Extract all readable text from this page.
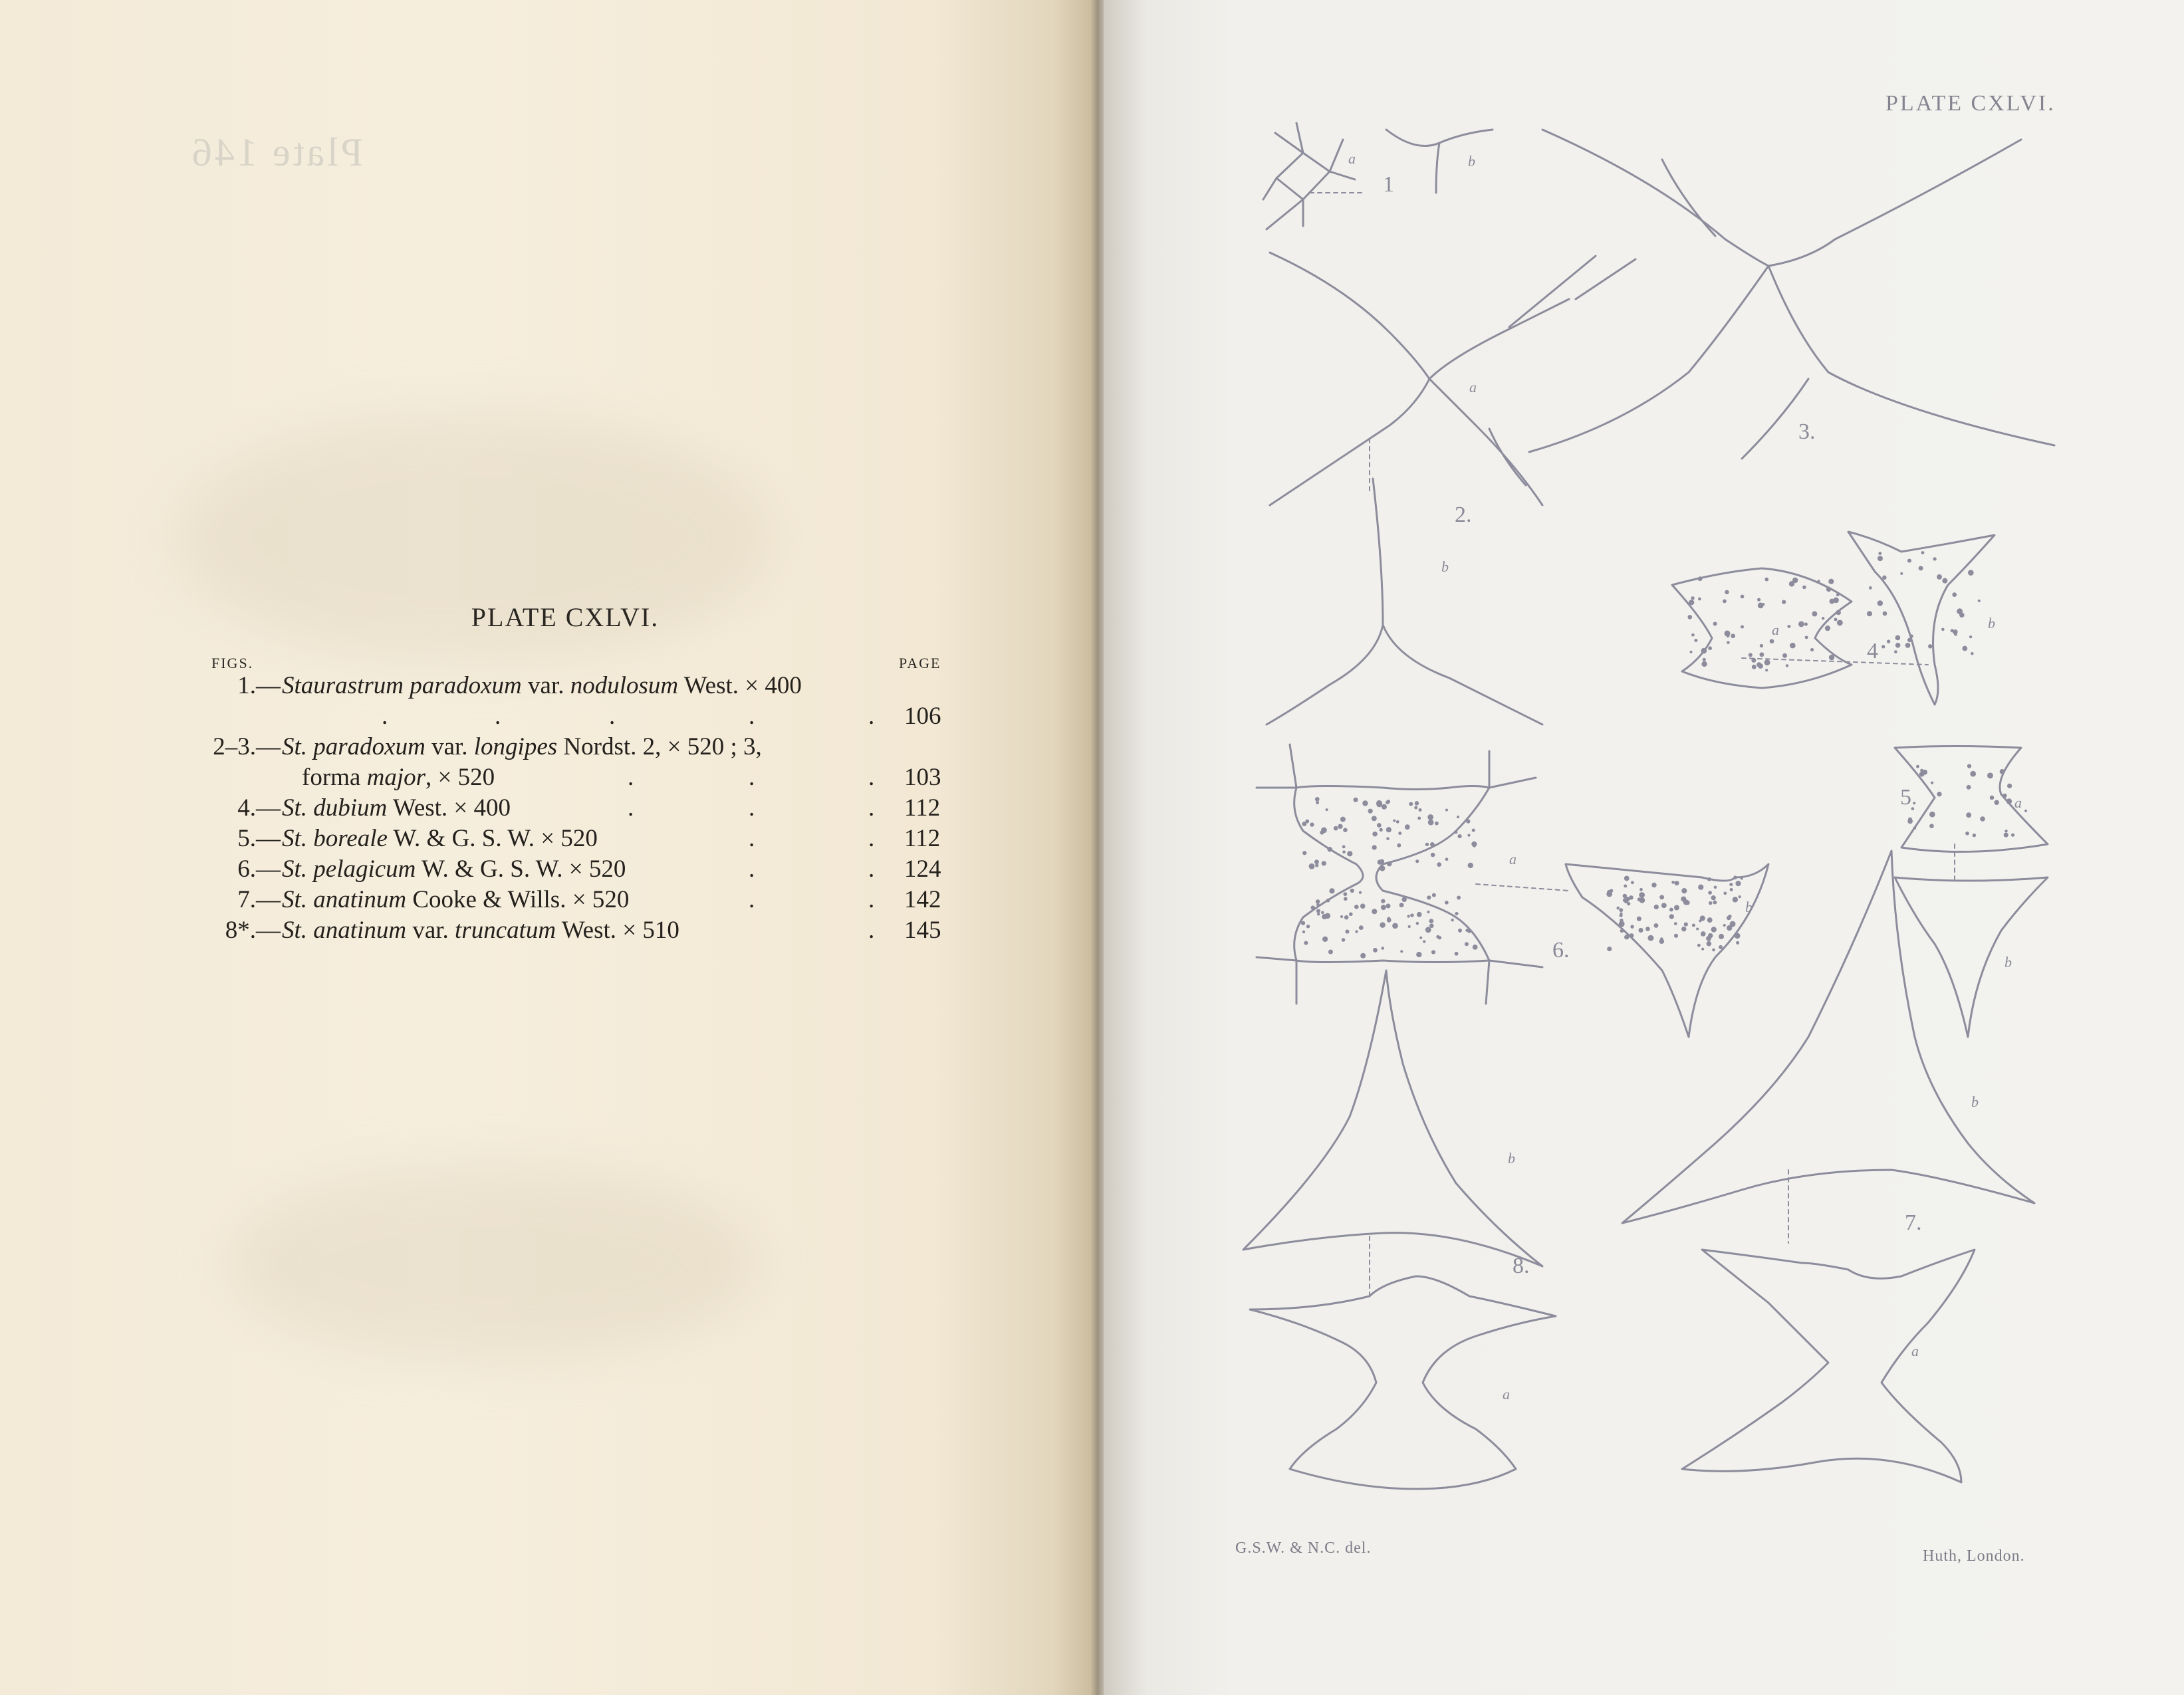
Plate 146
PLATE CXLVI.
FIGS.	PAGE
1.— Staurastrum paradoxum var. nodulosum West. × 400
.	.	.	.	. 106
2–3.— St. paradoxum var. longipes Nordst. 2, × 520 ; 3,
forma major, × 520	.	.	. 103
4.— St. dubium West. × 400	.	.	. 112
5.— St. boreale W. & G. S. W. × 520	.	. 112
6.— St. pelagicum W. & G. S. W. × 520	.	. 124
7.— St. anatinum Cooke & Wills. × 520	.	. 142
8*.— St. anatinum var. truncatum West. × 510	. 145
PLATE CXLVI.
1
2.
3.
4
5.
6.
7.
8.
a	b
a
b
a	b
a
b
a
b
b
b
a
a
G.S.W. & N.C. del.	Huth, London.
